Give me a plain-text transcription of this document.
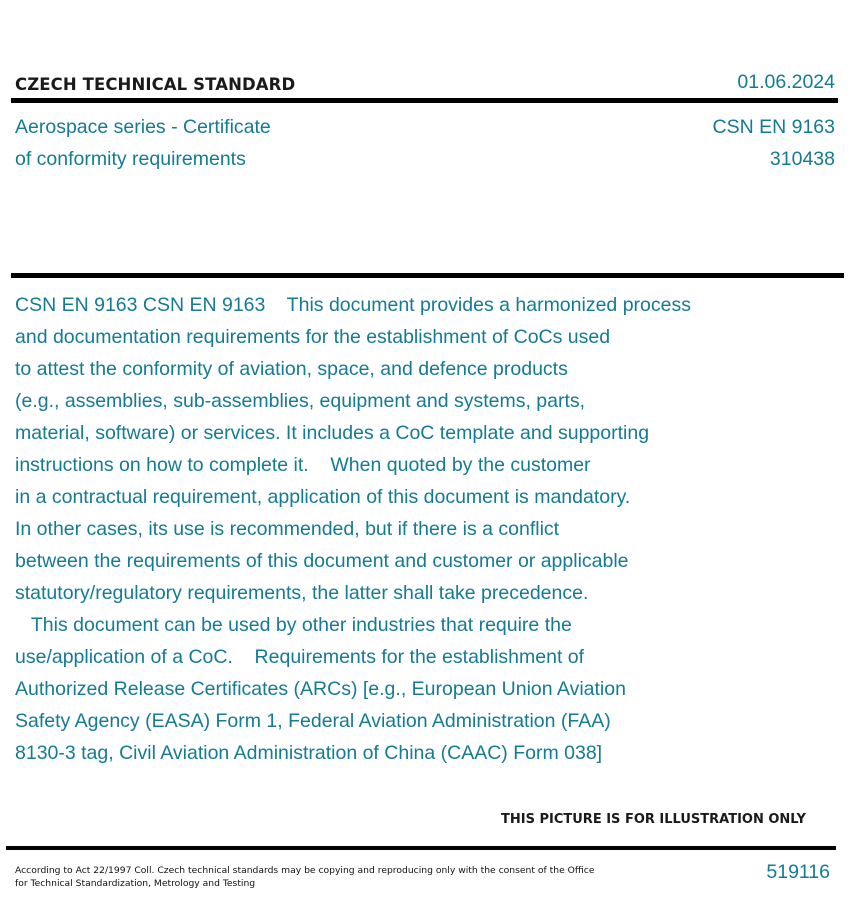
CZECH TECHNICAL STANDARD	01.06.2024
Aerospace series - Certificate
of conformity requirements
CSN EN 9163
310438
CSN EN 9163 CSN EN 9163    This document provides a harmonized process
and documentation requirements for the establishment of CoCs used
to attest the conformity of aviation, space, and defence products
(e.g., assemblies, sub-assemblies, equipment and systems, parts,
material, software) or services. It includes a CoC template and supporting
instructions on how to complete it.    When quoted by the customer
in a contractual requirement, application of this document is mandatory.
In other cases, its use is recommended, but if there is a conflict
between the requirements of this document and customer or applicable
statutory/regulatory requirements, the latter shall take precedence.
This document can be used by other industries that require the
use/application of a CoC.    Requirements for the establishment of
Authorized Release Certificates (ARCs) [e.g., European Union Aviation
Safety Agency (EASA) Form 1, Federal Aviation Administration (FAA)
8130-3 tag, Civil Aviation Administration of China (CAAC) Form 038]
THIS PICTURE IS FOR ILLUSTRATION ONLY
According to Act 22/1997 Coll. Czech technical standards may be copying and reproducing only with the consent of the Office
for Technical Standardization, Metrology and Testing
519116
